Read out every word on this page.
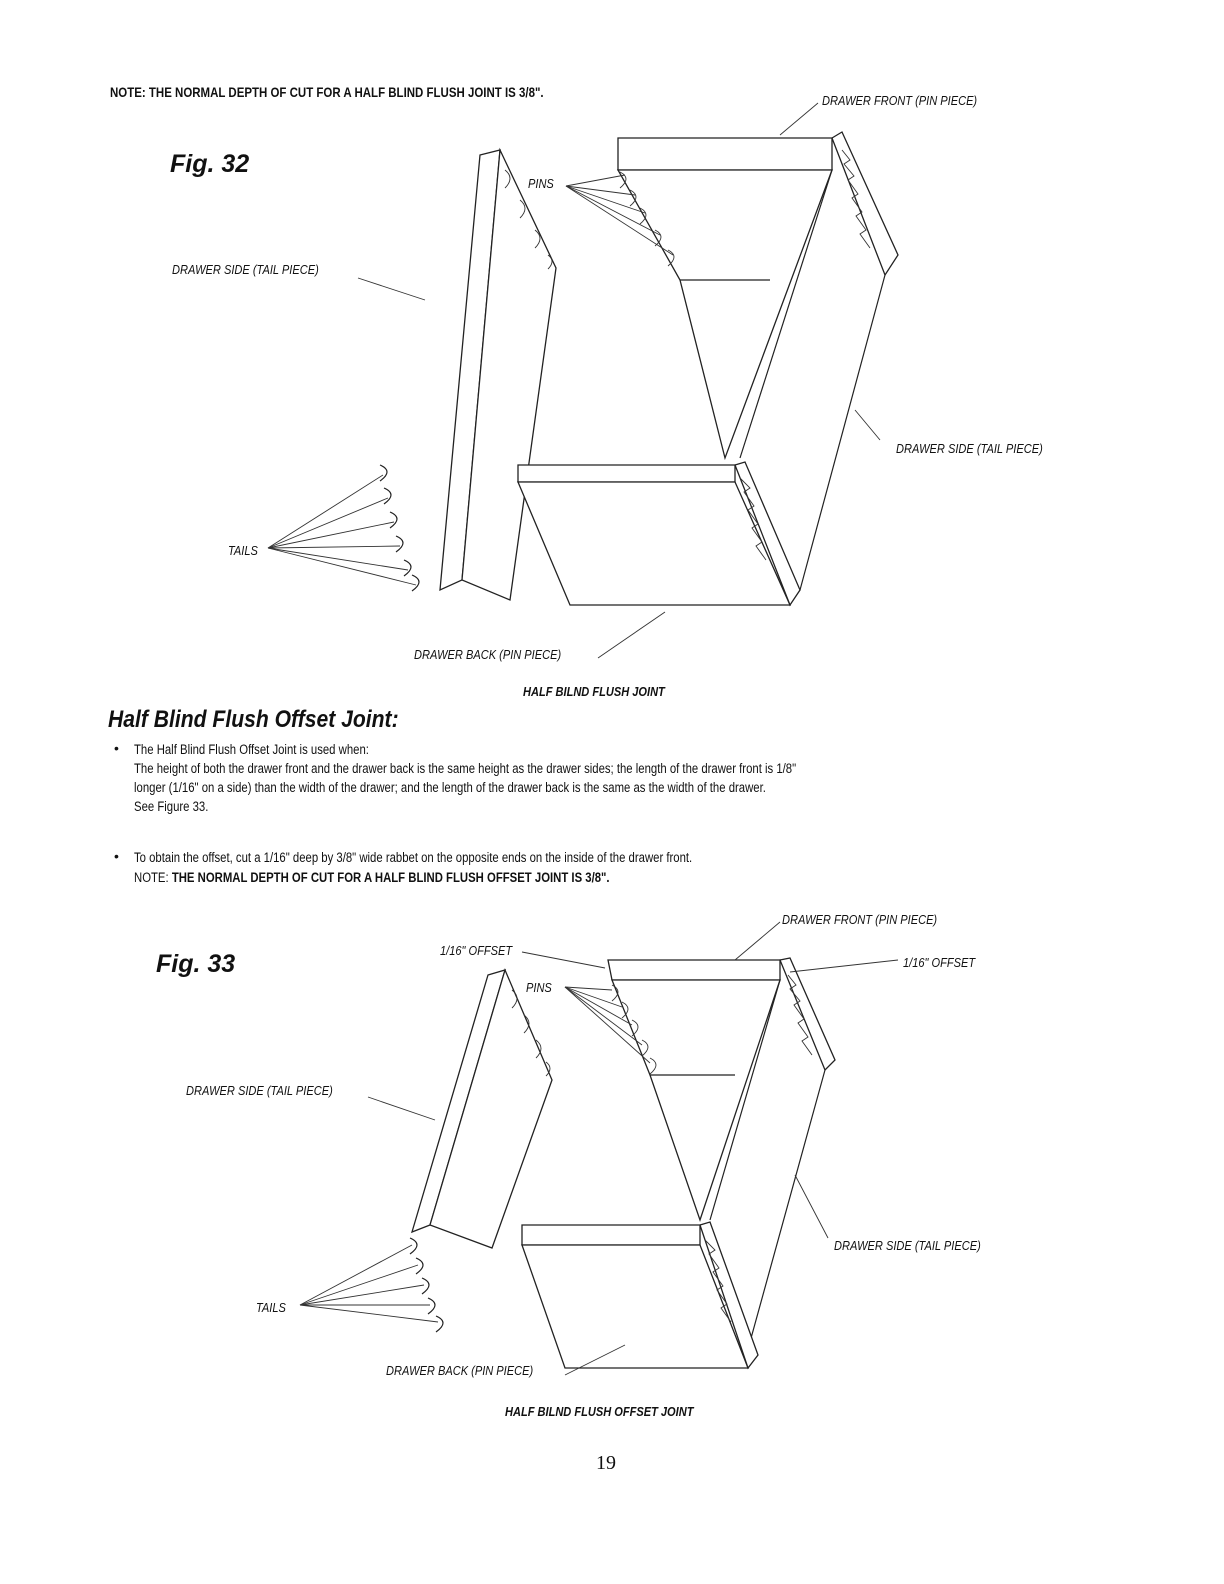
NOTE: THE NORMAL DEPTH OF CUT FOR A HALF BLIND FLUSH JOINT IS 3/8".
Fig. 32
DRAWER FRONT (PIN PIECE)
PINS
DRAWER SIDE (TAIL PIECE)
DRAWER SIDE (TAIL PIECE)
TAILS
DRAWER BACK (PIN PIECE)
HALF BILND FLUSH JOINT
Half Blind Flush Offset Joint:
• The Half Blind Flush Offset Joint is used when:
The height of both the drawer front and the drawer back is the same height as the drawer sides; the length of the drawer front is 1/8"
longer (1/16" on a side) than the width of the drawer; and the length of the drawer back is the same as the width of the drawer.
See Figure 33.
• To obtain the offset, cut a 1/16" deep by 3/8" wide rabbet on the opposite ends on the inside of the drawer front.
NOTE: THE NORMAL DEPTH OF CUT FOR A HALF BLIND FLUSH OFFSET JOINT IS 3/8".
Fig. 33
DRAWER FRONT (PIN PIECE)
1/16" OFFSET
1/16" OFFSET
PINS
DRAWER SIDE (TAIL PIECE)
DRAWER SIDE (TAIL PIECE)
TAILS
DRAWER BACK (PIN PIECE)
HALF BILND FLUSH OFFSET JOINT
19
